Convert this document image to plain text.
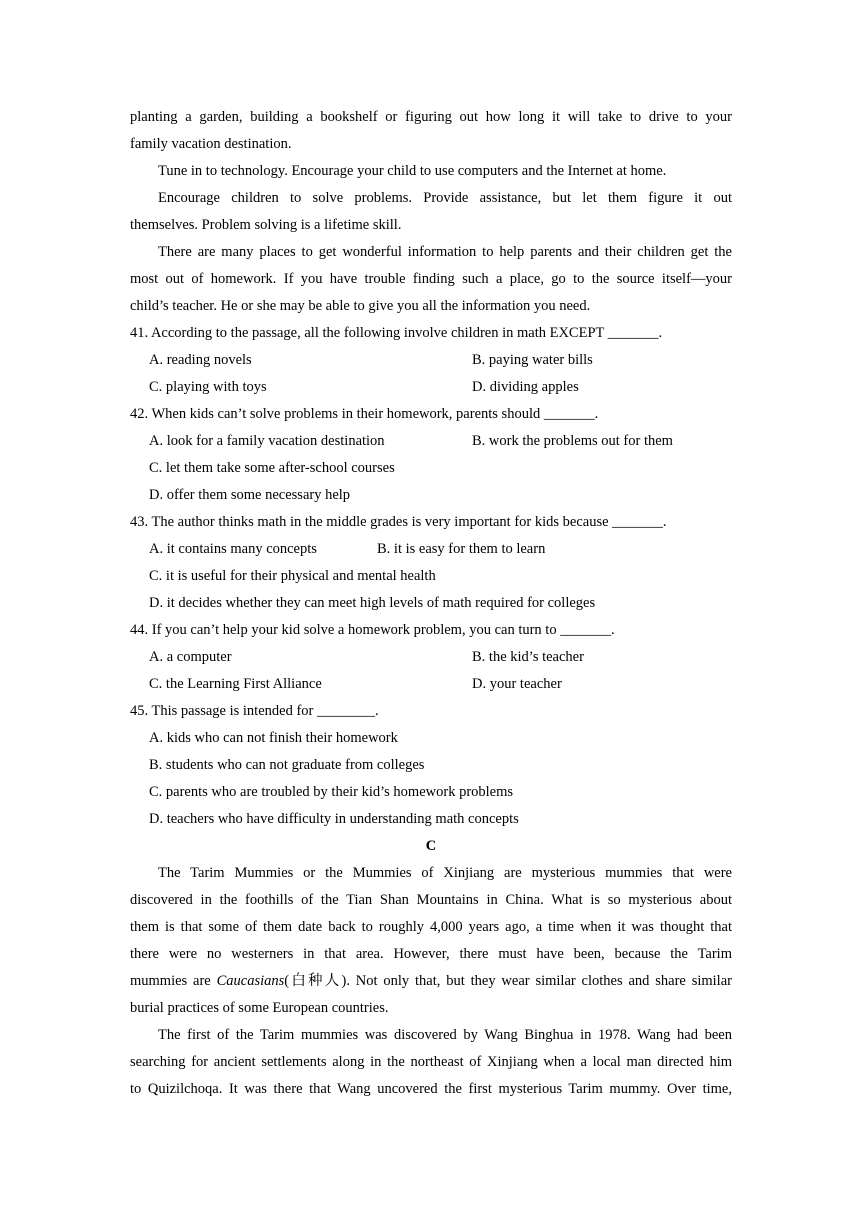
planting a garden, building a bookshelf or figuring out how long it will take to drive to your
family vacation destination.
Tune in to technology. Encourage your child to use computers and the Internet at home.
Encourage children to solve problems. Provide assistance, but let them figure it out
themselves. Problem solving is a lifetime skill.
There are many places to get wonderful information to help parents and their children get the
most out of homework. If you have trouble finding such a place, go to the source itself—your
child’s teacher. He or she may be able to give you all the information you need.
41. According to the passage, all the following involve children in math EXCEPT _______.
A. reading novels	B. paying water bills
C. playing with toys	D. dividing apples
42. When kids can’t solve problems in their homework, parents should _______.
A. look for a family vacation destination	B. work the problems out for them
C. let them take some after-school courses
D. offer them some necessary help
43. The author thinks math in the middle grades is very important for kids because _______.
A. it contains many concepts	B. it is easy for them to learn
C. it is useful for their physical and mental health
D. it decides whether they can meet high levels of math required for colleges
44. If you can’t help your kid solve a homework problem, you can turn to _______.
A. a computer	B. the kid’s teacher
C. the Learning First Alliance	D. your teacher
45. This passage is intended for ________.
A. kids who can not finish their homework
B. students who can not graduate from colleges
C. parents who are troubled by their kid’s homework problems
D. teachers who have difficulty in understanding math concepts
C
The Tarim Mummies or the Mummies of Xinjiang are mysterious mummies that were
discovered in the foothills of the Tian Shan Mountains in China. What is so mysterious about
them is that some of them date back to roughly 4,000 years ago, a time when it was thought that
there were no westerners in that area. However, there must have been, because the Tarim
mummies are Caucasians(白种人). Not only that, but they wear similar clothes and share similar
burial practices of some European countries.
The first of the Tarim mummies was discovered by Wang Binghua in 1978. Wang had been
searching for ancient settlements along in the northeast of Xinjiang when a local man directed him
to Quizilchoqa. It was there that Wang uncovered the first mysterious Tarim mummy. Over time,
